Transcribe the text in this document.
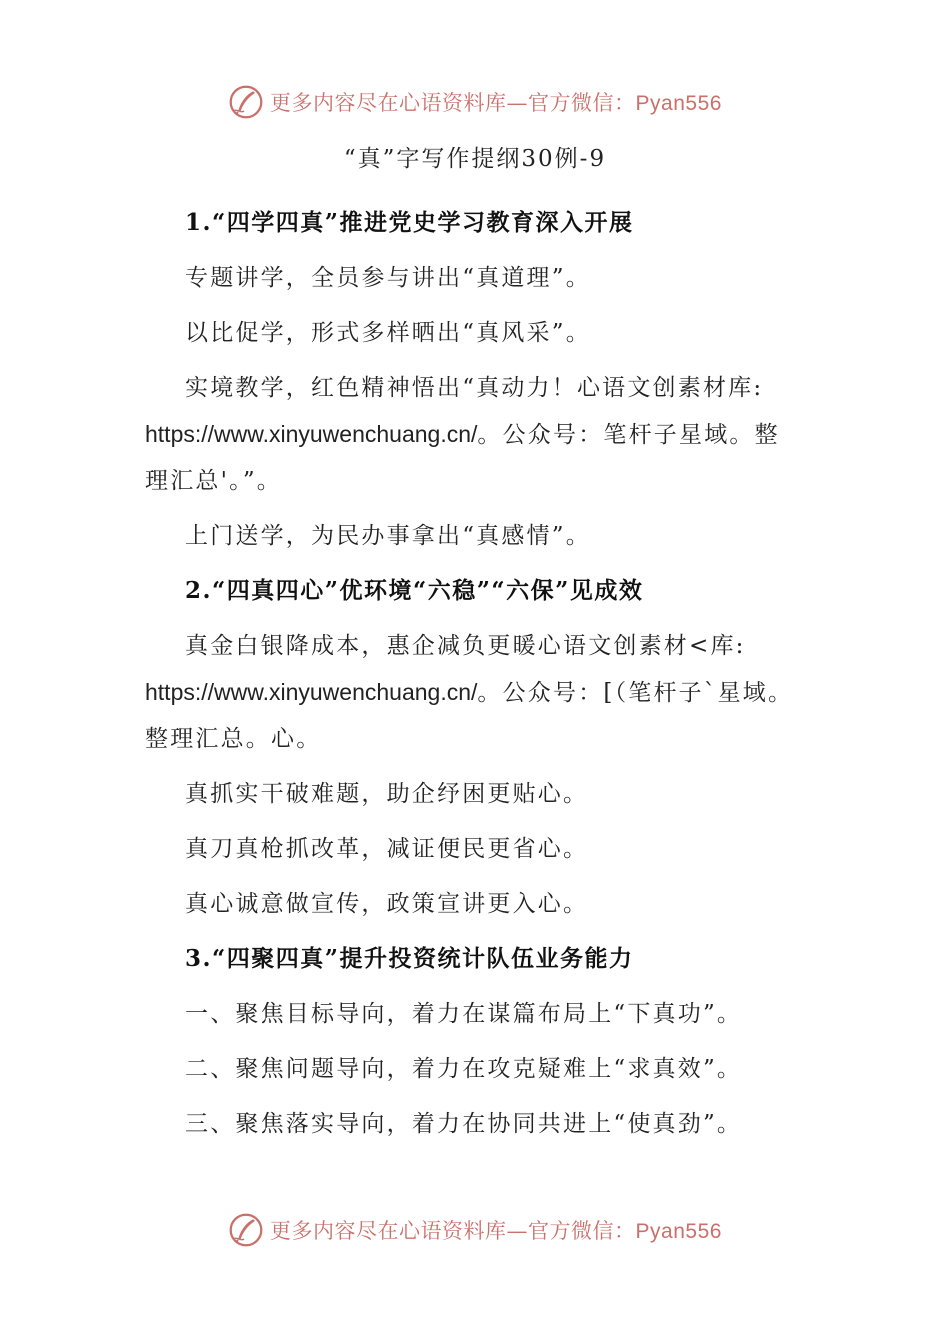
更多内容尽在心语资料库—官方微信：Pyan556
“真”字写作提纲30例-9
1.“四学四真”推进党史学习教育深入开展
专题讲学，全员参与讲出“真道理”。
以比促学，形式多样晒出“真风采”。
实境教学，红色精神悟出“真动力！心语文创素材库:
https://www.xinyuwenchuang.cn/。公众号：笔杆子星域。整
理汇总'。”。
上门送学，为民办事拿出“真感情”。
2.“四真四心”优环境“六稳”“六保”见成效
真金白银降成本，惠企减负更暖心语文创素材<库:
https://www.xinyuwenchuang.cn/。公众号：[（笔杆子`星域。
整理汇总。心。
真抓实干破难题，助企纾困更贴心。
真刀真枪抓改革，减证便民更省心。
真心诚意做宣传，政策宣讲更入心。
3.“四聚四真”提升投资统计队伍业务能力
一、聚焦目标导向，着力在谋篇布局上“下真功”。
二、聚焦问题导向，着力在攻克疑难上“求真效”。
三、聚焦落实导向，着力在协同共进上“使真劲”。
更多内容尽在心语资料库—官方微信：Pyan556
